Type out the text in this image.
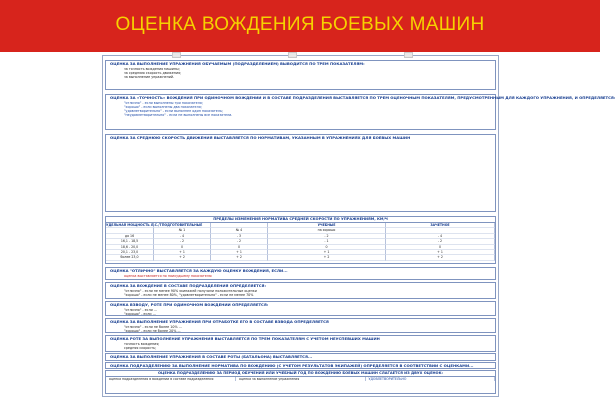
ОЦЕНКА ВОЖДЕНИЯ БОЕВЫХ МАШИН
ОЦЕНКА ЗА ВЫПОЛНЕНИЕ УПРАЖНЕНИЯ ОБУЧАЕМЫМ (ПОДРАЗДЕЛЕНИЕМ) ВЫВОДИТСЯ ПО ТРЕМ ПОКАЗАТЕЛЯМ:
за точность вождения машины;
за среднюю скорость движения;
за выполнение упражнений.
ОЦЕНКА ЗА «ТОЧНОСТЬ» ВОЖДЕНИЯ ПРИ ОДИНОЧНОМ ВОЖДЕНИИ И В СОСТАВЕ ПОДРАЗДЕЛЕНИЯ ВЫСТАВЛЯЕТСЯ ПО ТРЕМ ОЦЕНОЧНЫМ ПОКАЗАТЕЛЯМ, ПРЕДУСМОТРЕННЫМ ДЛЯ КАЖДОГО УПРАЖНЕНИЯ, И ОПРЕДЕЛЯЕТСЯ:
"отлично" - если выполнены три показателя;
"хорошо" - если выполнены два показателя;
"удовлетворительно" - если выполнен один показатель;
"неудовлетворительно" - если не выполнены все показатели.
ОЦЕНКА ЗА СРЕДНЮЮ СКОРОСТЬ ДВИЖЕНИЯ ВЫСТАВЛЯЕТСЯ ПО НОРМАТИВАМ, УКАЗАННЫМ В УПРАЖНЕНИЯХ ДЛЯ БОЕВЫХ МАШИН
ПРЕДЕЛЫ ИЗМЕНЕНИЯ НОРМАТИВА СРЕДНЕЙ СКОРОСТИ ПО УПРАЖНЕНИЯМ, КМ/Ч
УДЕЛЬНАЯ МОЩНОСТЬ Л.С./Т ПОДГОТОВИТЕЛЬНЫЕ	УЧЕБНЫЕ	ЗАЧЕТНОЕ
№ 1	№ 4	на хорошо
до 16	- 4	- 3	- 2	- 4
16,1 - 18,5	- 2	- 2	- 1	- 2
18,6 - 20,0	0	0	0	0
20,1 - 23,0	+ 1	+ 1	+ 1	+ 1
более 23,0	+ 2	+ 2	+ 2	+ 2
ОЦЕНКА "ОТЛИЧНО" ВЫСТАВЛЯЕТСЯ ЗА КАЖДУЮ ОЦЕНКУ ВОЖДЕНИЯ, ЕСЛИ...
оценка выставляется по наихудшему показателю
ОЦЕНКА ЗА ВОЖДЕНИЕ В СОСТАВЕ ПОДРАЗДЕЛЕНИЯ ОПРЕДЕЛЯЕТСЯ:
"отлично" - если не менее 90% экипажей получили положительные оценки
"хорошо" - если не менее 80%, "удовлетворительно" - если не менее 70%
ОЦЕНКА ВЗВОДУ, РОТЕ ПРИ ОДИНОЧНОМ ВОЖДЕНИИ ОПРЕДЕЛЯЕТСЯ:
"отлично" - если ...
"хорошо" - если ...
ОЦЕНКА ЗА ВЫПОЛНЕНИЕ УПРАЖНЕНИЯ ПРИ ОТРАБОТКЕ ЕГО В СОСТАВЕ ВЗВОДА ОПРЕДЕЛЯЕТСЯ
"отлично" - если не более 10% ...
"хорошо" - если не более 20% ...
ОЦЕНКА РОТЕ ЗА ВЫПОЛНЕНИЕ УПРАЖНЕНИЯ ВЫСТАВЛЯЕТСЯ ПО ТРЕМ ПОКАЗАТЕЛЯМ С УЧЕТОМ НЕУСПЕВШИХ МАШИН
точность вождения;
средняя скорость;
ОЦЕНКА ЗА ВЫПОЛНЕНИЕ УПРАЖНЕНИЯ В СОСТАВЕ РОТЫ (БАТАЛЬОНА) ВЫСТАВЛЯЕТСЯ...
ОЦЕНКА ПОДРАЗДЕЛЕНИЮ ЗА ВЫПОЛНЕНИЕ НОРМАТИВА ПО ВОЖДЕНИЮ (С УЧЕТОМ РЕЗУЛЬТАТОВ ЭКИПАЖЕЙ) ОПРЕДЕЛЯЕТСЯ В СООТВЕТСТВИИ С ОЦЕНКАМИ...
ОЦЕНКА ПОДРАЗДЕЛЕНИЮ ЗА ПЕРИОД ОБУЧЕНИЯ ИЛИ УЧЕБНЫЙ ГОД ПО ВОЖДЕНИЮ БОЕВЫХ МАШИН СЛАГАЕТСЯ ИЗ ДВУХ ОЦЕНОК:
оценка подразделения в вождении в составе подразделения	оценка за выполнение упражнения	УДОВЛЕТВОРИТЕЛЬНО
